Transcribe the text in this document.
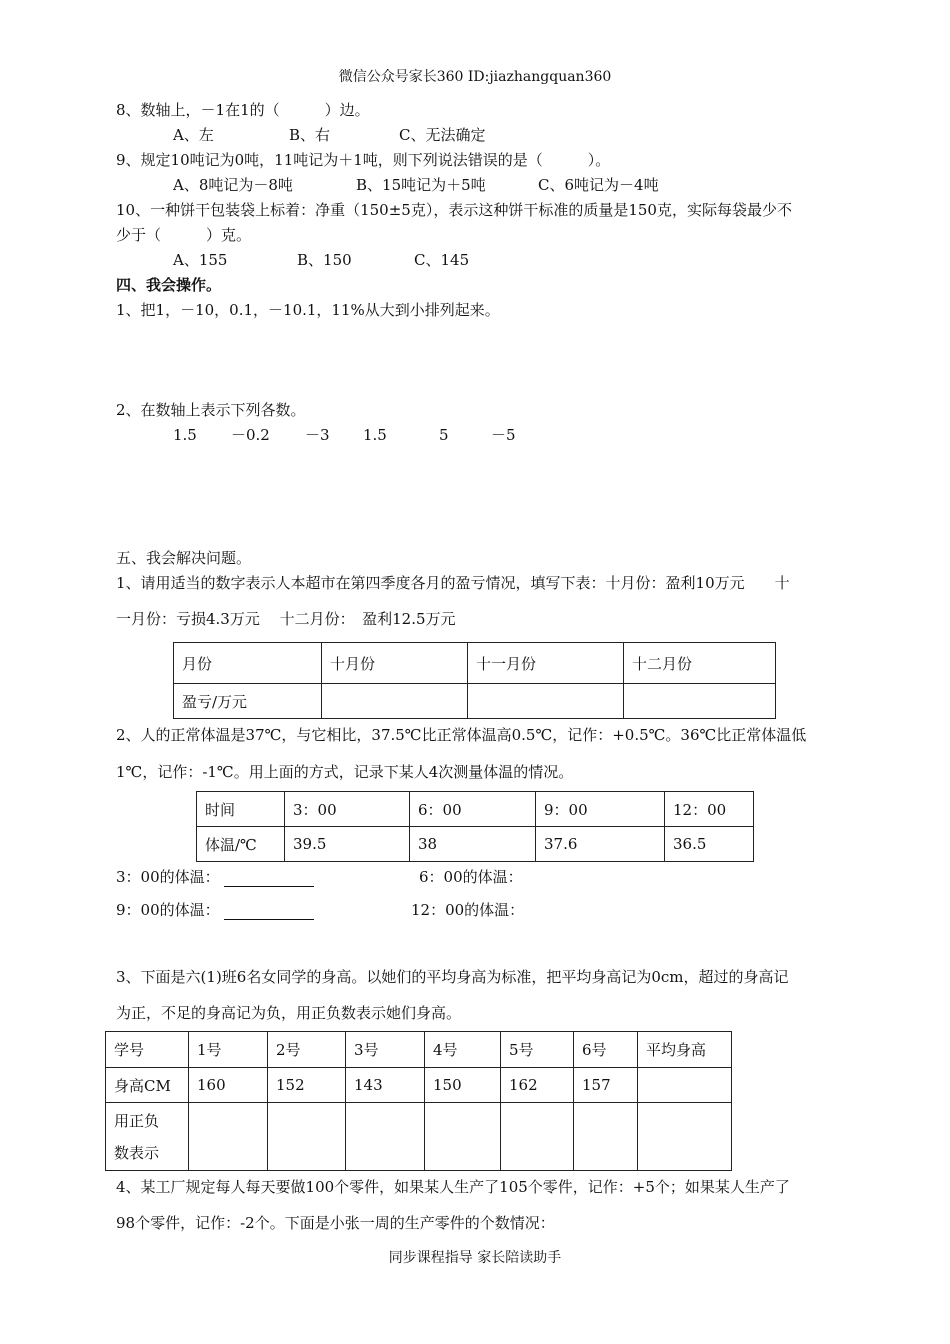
微信公众号家长360 ID:jiazhangquan360
8、数轴上，－1在1的（　　　）边。
A、左	B、右	C、无法确定
9、规定10吨记为0吨，11吨记为＋1吨，则下列说法错误的是（　　　）。
A、8吨记为－8吨	B、15吨记为＋5吨	C、6吨记为－4吨
10、一种饼干包装袋上标着：净重（150±5克），表示这种饼干标准的质量是150克，实际每袋最少不
少于（　　　）克。
A、155	B、150	C、145
四、我会操作。
1、把1，－10，0.1，－10.1，11%从大到小排列起来。
2、在数轴上表示下列各数。
1.5 －0.2 －3 1.5	5	－5
五、我会解决问题。
1、请用适当的数字表示人本超市在第四季度各月的盈亏情况，填写下表：十月份：盈利10万元　　十
一月份：亏损4.3万元　 十二月份：　盈利12.5万元
月份	十月份	十一月份	十二月份
盈亏/万元			
2、人的正常体温是37℃，与它相比，37.5℃比正常体温高0.5℃，记作：+0.5℃。36℃比正常体温低
1℃，记作：-1℃。用上面的方式，记录下某人4次测量体温的情况。
时间	3：00	6：00	9：00	12：00
体温/℃	39.5	38	37.6	36.5
3：00的体温：	6：00的体温：
9：00的体温：	12：00的体温：
3、下面是六(1)班6名女同学的身高。以她们的平均身高为标准，把平均身高记为0cm，超过的身高记
为正，不足的身高记为负，用正负数表示她们身高。
学号	1号	2号	3号	4号	5号	6号	平均身高
身高CM	160	152	143	150	162	157	
用正负
数表示							
4、某工厂规定每人每天要做100个零件，如果某人生产了105个零件，记作：+5个；如果某人生产了
98个零件，记作：-2个。下面是小张一周的生产零件的个数情况：
同步课程指导 家长陪读助手
